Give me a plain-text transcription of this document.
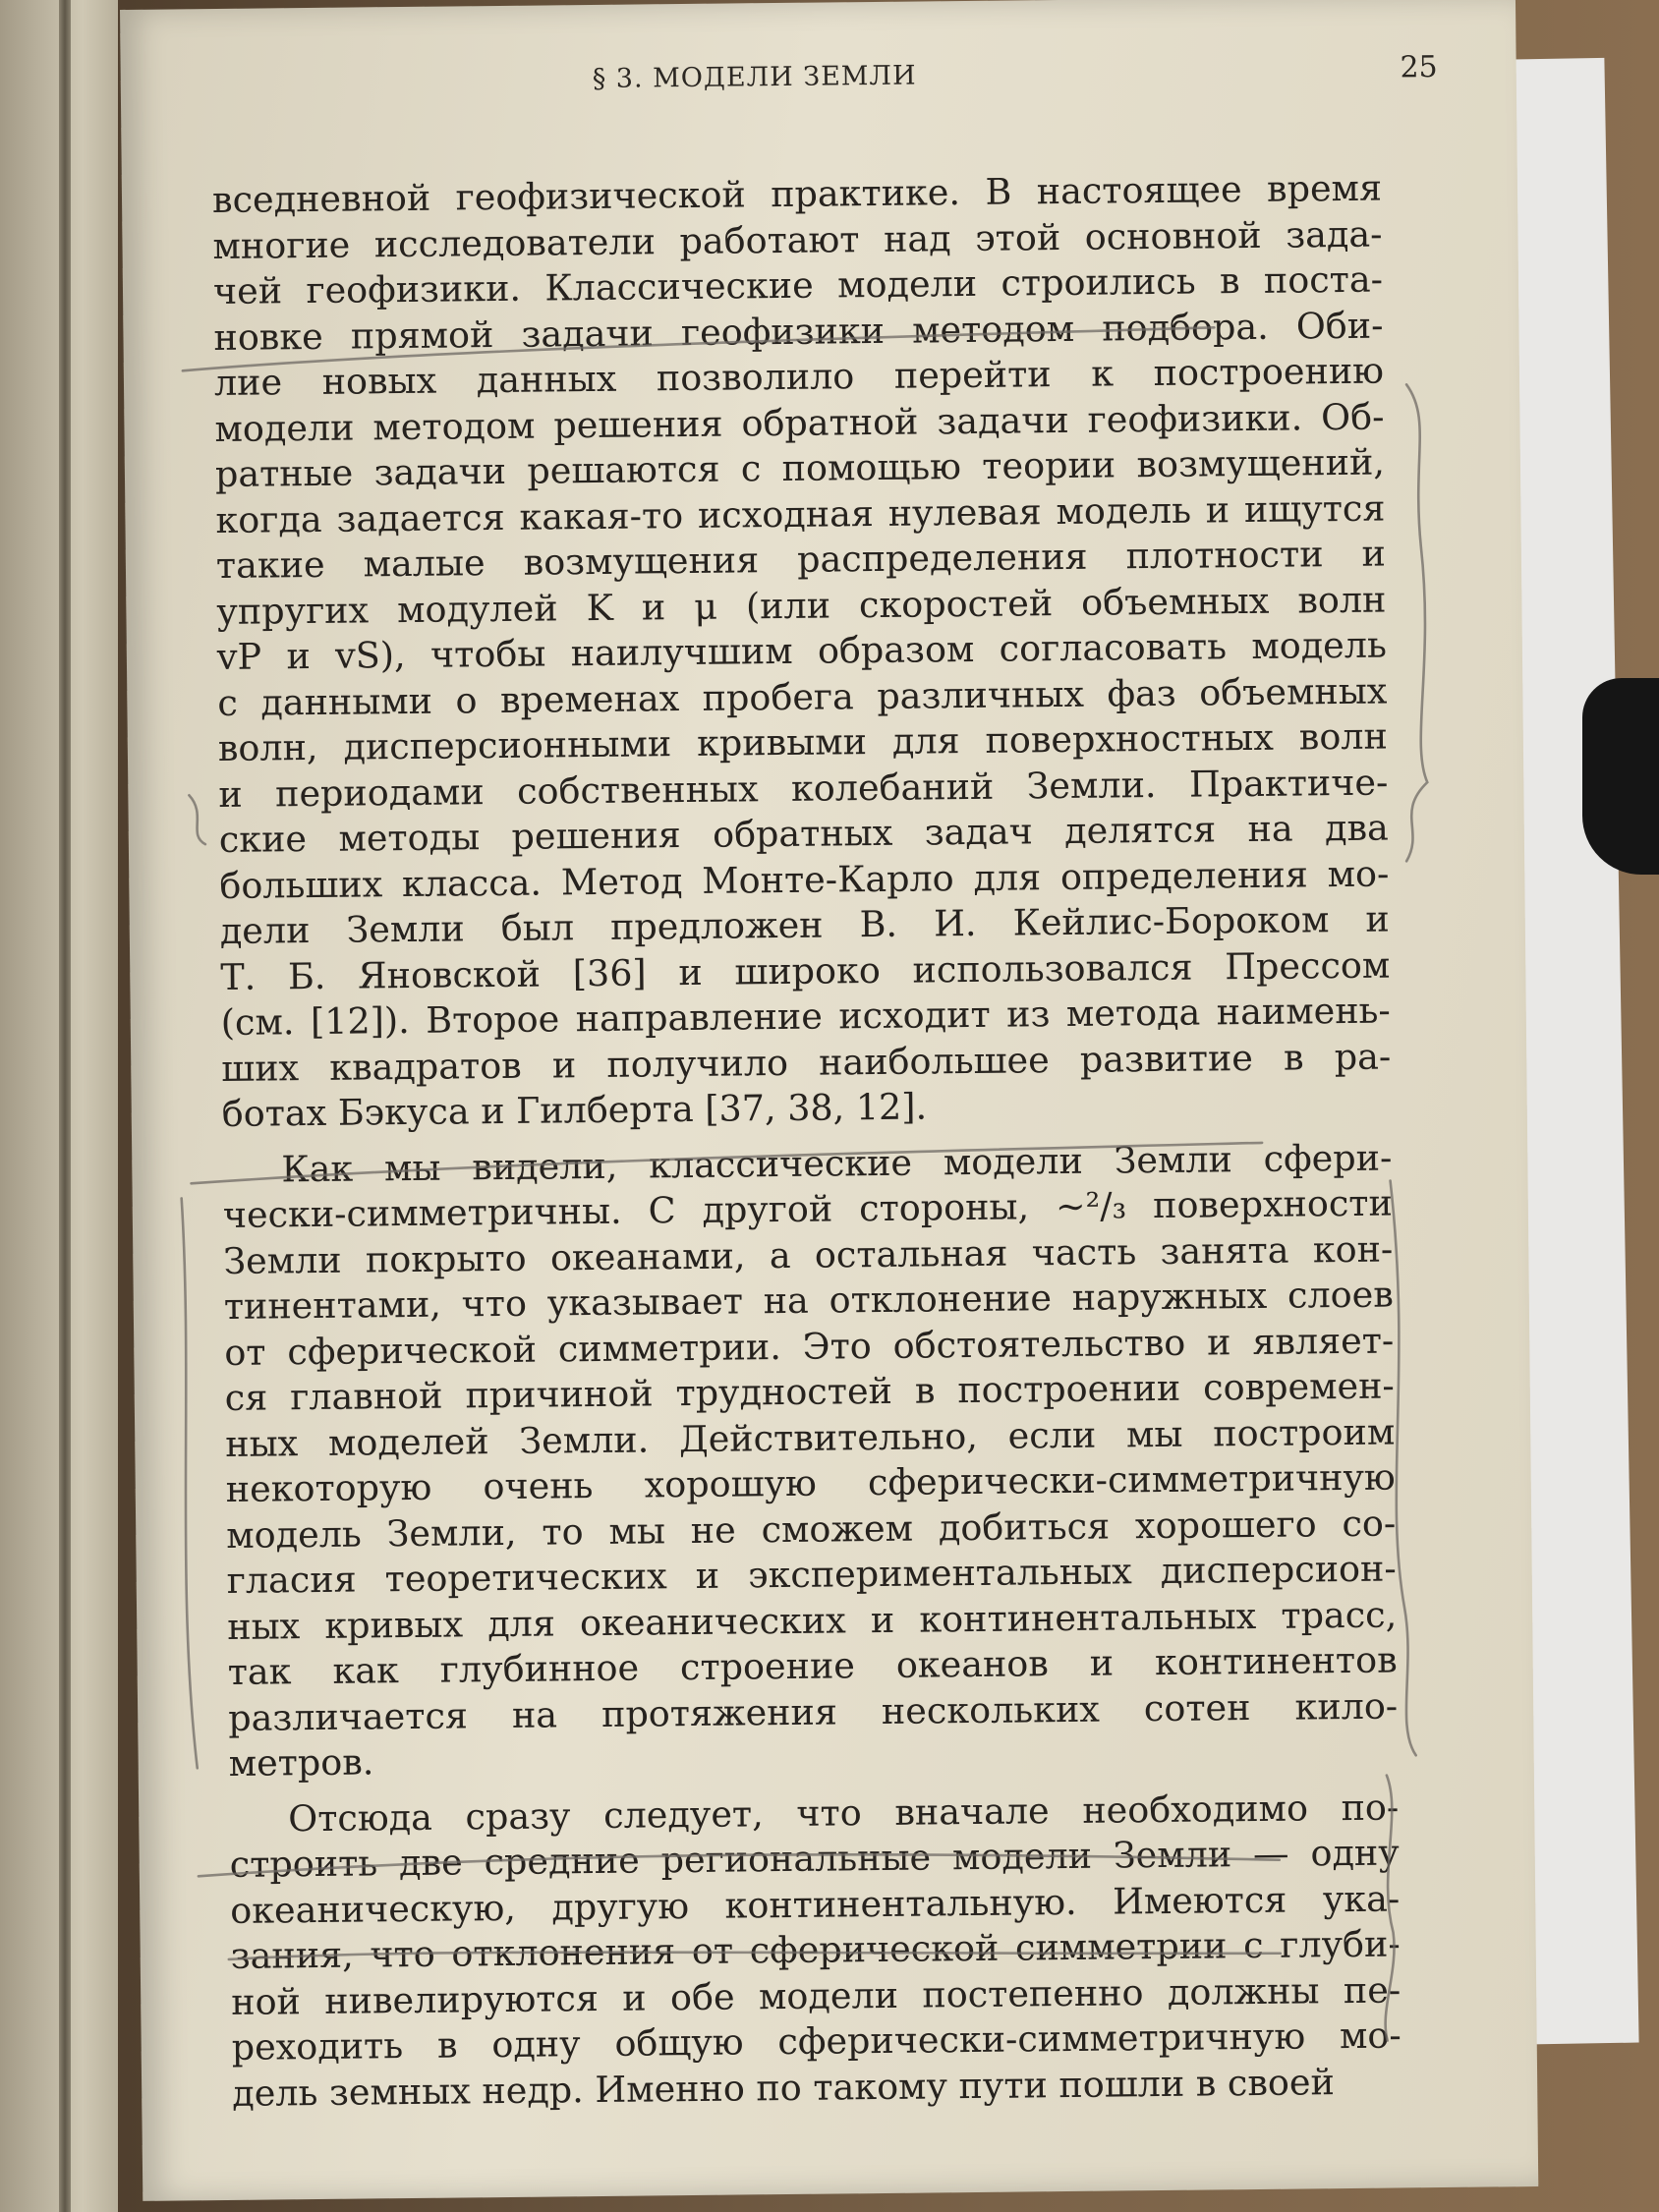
§ 3. МОДЕЛИ ЗЕМЛИ	25
вседневной геофизической практике. В настоящее время
многие исследователи работают над этой основной зада-
чей геофизики. Классические модели строились в поста-
новке прямой задачи геофизики методом подбора. Оби-
лие новых данных позволило перейти к построению
модели методом решения обратной задачи геофизики. Об-
ратные задачи решаются с помощью теории возмущений,
когда задается какая-то исходная нулевая модель и ищутся
такие малые возмущения распределения плотности и
упругих модулей K и μ (или скоростей объемных волн
vP и vS), чтобы наилучшим образом согласовать модель
с данными о временах пробега различных фаз объемных
волн, дисперсионными кривыми для поверхностных волн
и периодами собственных колебаний Земли. Практиче-
ские методы решения обратных задач делятся на два
больших класса. Метод Монте-Карло для определения мо-
дели Земли был предложен В. И. Кейлис-Бороком и
Т. Б. Яновской [36] и широко использовался Прессом
(см. [12]). Второе направление исходит из метода наимень-
ших квадратов и получило наибольшее развитие в ра-
ботах Бэкуса и Гилберта [37, 38, 12].
Как мы видели, классические модели Земли сфери-
чески-симметричны. С другой стороны, ~²/₃ поверхности
Земли покрыто океанами, а остальная часть занята кон-
тинентами, что указывает на отклонение наружных слоев
от сферической симметрии. Это обстоятельство и являет-
ся главной причиной трудностей в построении современ-
ных моделей Земли. Действительно, если мы построим
некоторую очень хорошую сферически-симметричную
модель Земли, то мы не сможем добиться хорошего со-
гласия теоретических и экспериментальных дисперсион-
ных кривых для океанических и континентальных трасс,
так как глубинное строение океанов и континентов
различается на протяжения нескольких сотен кило-
метров.
Отсюда сразу следует, что вначале необходимо по-
строить две средние региональные модели Земли — одну
океаническую, другую континентальную. Имеются ука-
зания, что отклонения от сферической симметрии с глуби-
ной нивелируются и обе модели постепенно должны пе-
реходить в одну общую сферически-симметричную мо-
дель земных недр. Именно по такому пути пошли в своей
